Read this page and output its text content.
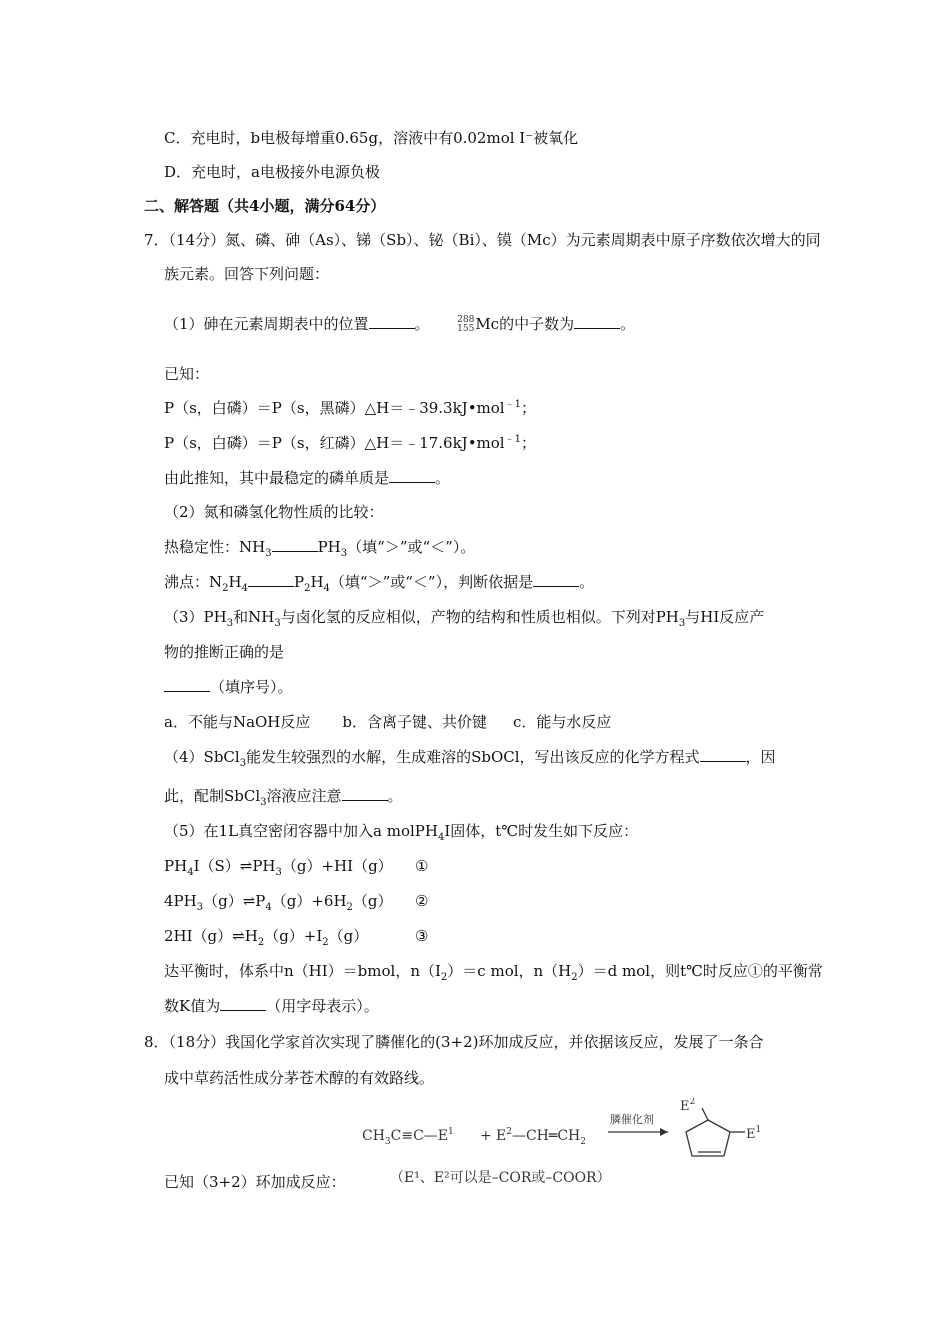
C．充电时，b电极每增重0.65g，溶液中有0.02mol I⁻被氧化
D．充电时，a电极接外电源负极
二、解答题（共4小题，满分64分）
7．（14分）氮、磷、砷（As）、锑（Sb）、铋（Bi）、镆（Mc）为元素周期表中原子序数依次增大的同
族元素。回答下列问题：
（1）砷在元素周期表中的位置	。	288
155Mc的中子数为	。
已知：
P（s，白磷）＝P（s，黑磷）△H＝﹣39.3kJ•mol$^{﹣1}$；
P（s，白磷）＝P（s，红磷）△H＝﹣17.6kJ•mol$^{﹣1}$；
由此推知，其中最稳定的磷单质是	。
（2）氮和磷氢化物性质的比较：
热稳定性：$NH_3$	$PH_3$（填“＞”或“＜”）。
沸点：$N_2H_4$	$P_2H_4$（填“＞”或“＜”），判断依据是	。
$(3)PH_3$和$NH_3$与卤化氢的反应相似，产物的结构和性质也相似。下列对$PH_3$与HI反应产
物的推断正确的是
（填序号）。
a．不能与NaOH反应 b．含离子键、共价键 c．能与水反应
（4）SbCl$_3$能发生较强烈的水解，生成难溶的SbOCl，写出该反应的化学方程式	，因
此，配制SbCl$_3$溶液应注意	。
（5）在1L真空密闭容器中加入a molPH$_4$I固体，t℃时发生如下反应：
$PH_4I(S)\rightleftharpoons PH_3(g)+HI(g)$ ①
$4PH_3(g)\rightleftharpoons P_4(g)+6H_2(g)$ ②
$2HI(g)\rightleftharpoons H_2(g)+I_2(g)$	③
达平衡时，体系中n（HI）＝bmol，$n(I_2)=c$ mol，$n(H_2)=d$ mol，则t℃时反应①的平衡常
数K值为	（用字母表示）。
8．（18分）我国化学家首次实现了膦催化的(3+2)环加成反应，并依据该反应，发展了一条合
成中草药活性成分茅苍术醇的有效路线。
已知（3+2）环加成反应：
$CH_3C\equiv C—E^1$ + $E^2—CH═CH_2$
膦催化剂
$E^2$
$E^1$
（E¹、E²可以是–COR或–COOR）
